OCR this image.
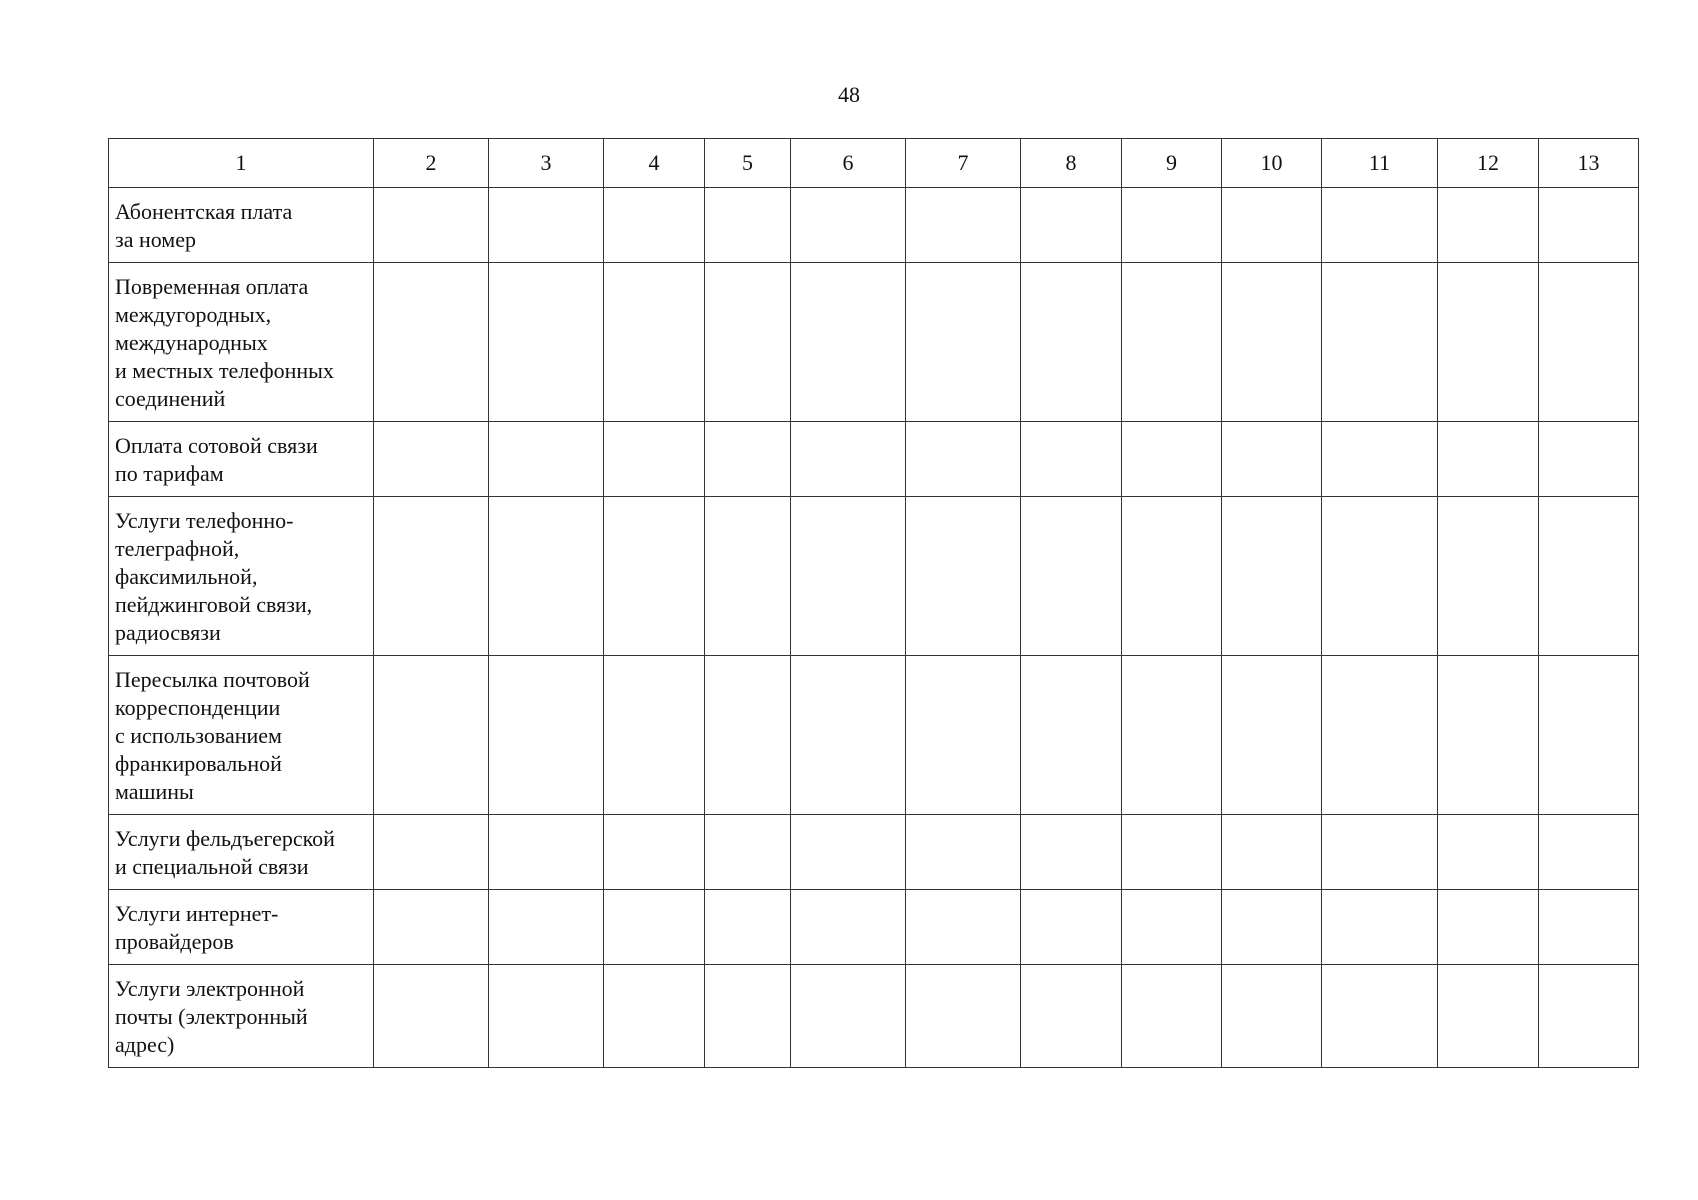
48
1	2	3	4	5	6	7	8	9	10	11	12	13

Абонентская плата
за номер												

Повременная оплата
междугородных,
международных
и местных телефонных
соединений												

Оплата сотовой связи
по тарифам												

Услуги телефонно-
телеграфной,
факсимильной,
пейджинговой связи,
радиосвязи												

Пересылка почтовой
корреспонденции
с использованием
франкировальной
машины												

Услуги фельдъегерской
и специальной связи												

Услуги интернет-
провайдеров												

Услуги электронной
почты (электронный
адрес)												
